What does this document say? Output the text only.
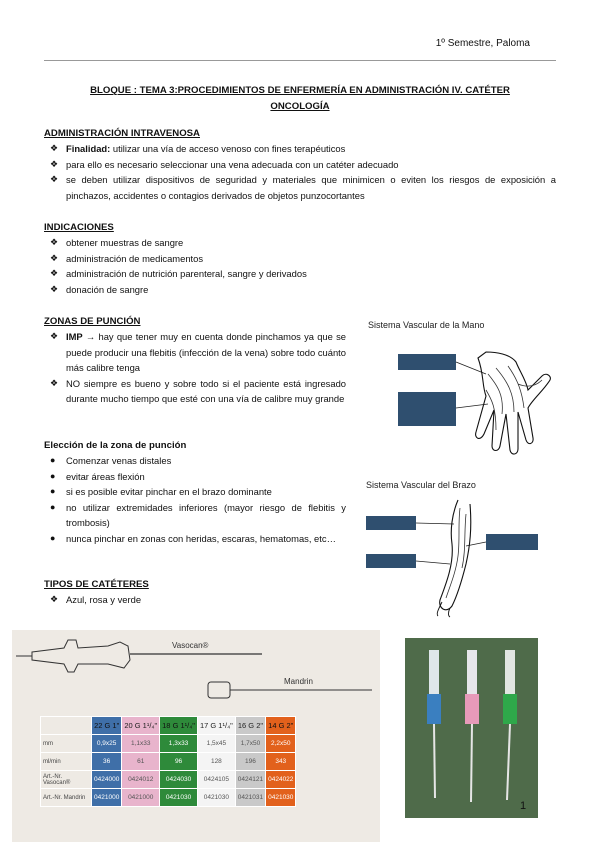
1º Semestre, Paloma
BLOQUE : TEMA 3:PROCEDIMIENTOS DE ENFERMERÍA EN ADMINISTRACIÓN IV. CATÉTER
ONCOLOGÍA
ADMINISTRACIÓN INTRAVENOSA
❖ Finalidad: utilizar una vía de acceso venoso con fines terapéuticos
❖ para ello es necesario seleccionar una vena adecuada con un catéter adecuado
❖ se deben utilizar dispositivos de seguridad y materiales que minimicen o eviten los riesgos de exposición a pinchazos, accidentes o contagios derivados de objetos punzocortantes
INDICACIONES
❖ obtener muestras de sangre
❖ administración de medicamentos
❖ administración de nutrición parenteral, sangre y derivados
❖ donación de sangre
ZONAS DE PUNCIÓN
❖ IMP → hay que tener muy en cuenta donde pinchamos ya que se puede producir una flebitis (infección de la vena) sobre todo cuánto más calibre tenga
❖ NO siempre es bueno y sobre todo si el paciente está ingresado durante mucho tiempo que esté con una vía de calibre muy grande
Elección de la zona de punción
● Comenzar venas distales
● evitar áreas flexión
● si es posible evitar pinchar en el brazo dominante
● no utilizar extremidades inferiores (mayor riesgo de flebitis y trombosis)
● nunca pinchar en zonas con heridas, escaras, hematomas, etc…
TIPOS DE CATÉTERES
❖ Azul, rosa y verde
Sistema Vascular de la Mano
Sistema Vascular del Brazo
Vasocan®
Mandrin
	22 G 1"	20 G 1¹/₄"	18 G 1¹/₄"	17 G 1¹/₄"	16 G 2"	14 G 2"
mm	0,9x25	1,1x33	1,3x33	1,5x45	1,7x50	2,2x50
ml/min	36	61	96	128	196	343
Art.-Nr. Vasocan®	0424000	0424012	0424030	0424105	0424121	0424022
Art.-Nr. Mandrin	0421000	0421000	0421030	0421030	0421031	0421030
1
